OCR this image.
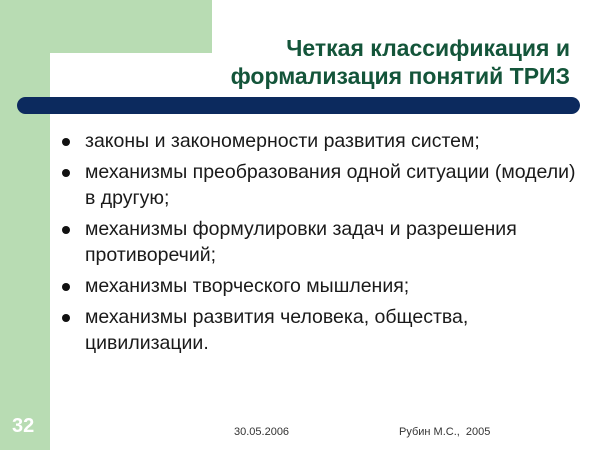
Четкая классификация и
формализация понятий ТРИЗ
законы и закономерности развития систем;
механизмы преобразования одной ситуации (модели) в другую;
механизмы формулировки задач и разрешения противоречий;
механизмы творческого мышления;
механизмы развития человека, общества, цивилизации.
32	30.05.2006	Рубин М.С.,  2005
